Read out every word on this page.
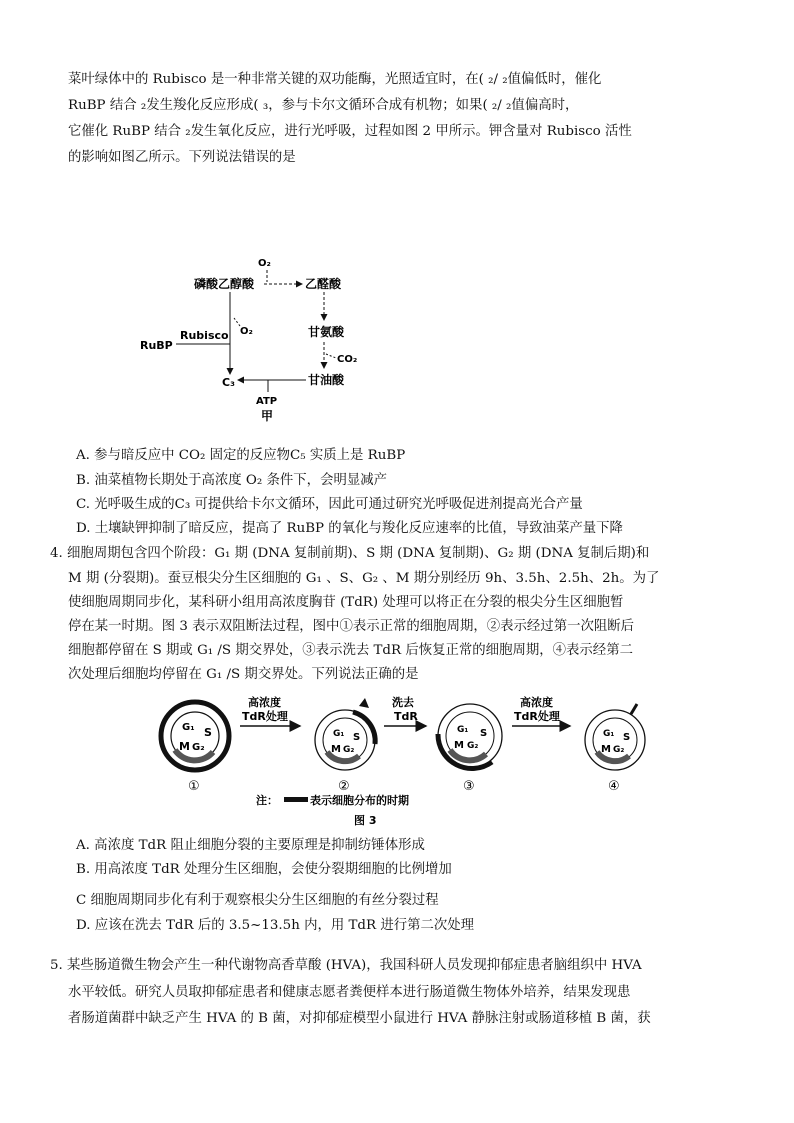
菜叶绿体中的 Rubisco 是一种非常关键的双功能酶，光照适宜时，在( ₂/ ₂值偏低时，催化
RuBP 结合 ₂发生羧化反应形成( ₃，参与卡尔文循环合成有机物；如果( ₂/ ₂值偏高时，
它催化 RuBP 结合 ₂发生氧化反应，进行光呼吸，过程如图 2 甲所示。钾含量对 Rubisco 活性
的影响如图乙所示。下列说法错误的是
O₂
磷酸乙醇酸	乙醛酸
O₂
Rubisco
RuBP
甘氨酸
CO₂
C₃	甘油酸
ATP
甲
A. 参与暗反应中 CO₂ 固定的反应物C₅ 实质上是 RuBP
B. 油菜植物长期处于高浓度 O₂ 条件下，会明显减产
C. 光呼吸生成的C₃ 可提供给卡尔文循环，因此可通过研究光呼吸促进剂提高光合产量
D. 土壤缺钾抑制了暗反应，提高了 RuBP 的氧化与羧化反应速率的比值，导致油菜产量下降
4. 细胞周期包含四个阶段：G₁ 期 (DNA 复制前期)、S 期 (DNA 复制期)、G₂ 期 (DNA 复制后期)和
M 期 (分裂期)。蚕豆根尖分生区细胞的 G₁ 、S、G₂ 、M 期分别经历 9h、3.5h、2.5h、2h。为了
使细胞周期同步化，某科研小组用高浓度胸苷 (TdR) 处理可以将正在分裂的根尖分生区细胞暂
停在某一时期。图 3 表示双阻断法过程，图中①表示正常的细胞周期，②表示经过第一次阻断后
细胞都停留在 S 期或 G₁ /S 期交界处，③表示洗去 TdR 后恢复正常的细胞周期，④表示经第二
次处理后细胞均停留在 G₁ /S 期交界处。下列说法正确的是
G₁ S
M G₂
①
高浓度
TdR处理
G₁ S
M G₂
②
洗去
TdR
G₁ S
M G₂
③
高浓度
TdR处理
G₁ S
M G₂
④
注：	表示细胞分布的时期
图 3
A. 高浓度 TdR 阻止细胞分裂的主要原理是抑制纺锤体形成
B. 用高浓度 TdR 处理分生区细胞，会使分裂期细胞的比例增加
C 细胞周期同步化有利于观察根尖分生区细胞的有丝分裂过程
D. 应该在洗去 TdR 后的 3.5~13.5h 内，用 TdR 进行第二次处理
5. 某些肠道微生物会产生一种代谢物高香草酸 (HVA)，我国科研人员发现抑郁症患者脑组织中 HVA
水平较低。研究人员取抑郁症患者和健康志愿者粪便样本进行肠道微生物体外培养，结果发现患
者肠道菌群中缺乏产生 HVA 的 B 菌，对抑郁症模型小鼠进行 HVA 静脉注射或肠道移植 B 菌，获
